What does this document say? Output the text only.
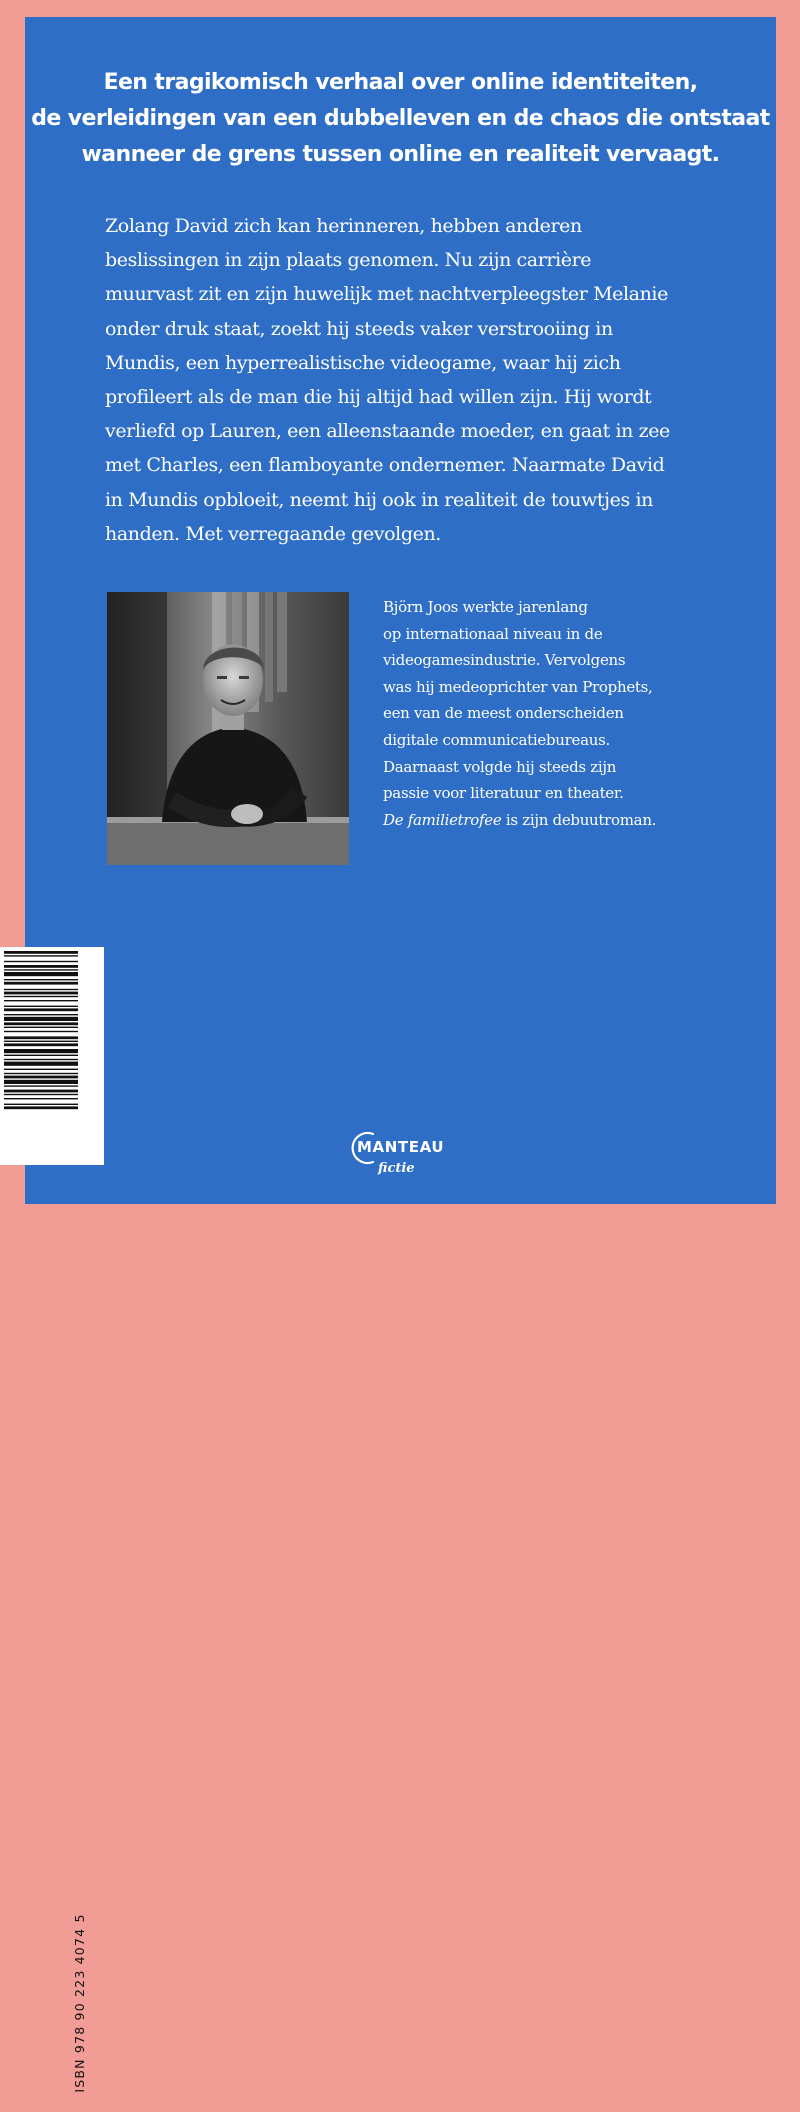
Een tragikomisch verhaal over online identiteiten,
de verleidingen van een dubbelleven en de chaos die ontstaat
wanneer de grens tussen online en realiteit vervaagt.
Zolang David zich kan herinneren, hebben anderen
beslissingen in zijn plaats genomen. Nu zijn carrière
muurvast zit en zijn huwelijk met nachtverpleegster Melanie
onder druk staat, zoekt hij steeds vaker verstrooiing in
Mundis, een hyperrealistische videogame, waar hij zich
profileert als de man die hij altijd had willen zijn. Hij wordt
verliefd op Lauren, een alleenstaande moeder, en gaat in zee
met Charles, een flamboyante ondernemer. Naarmate David
in Mundis opbloeit, neemt hij ook in realiteit de touwtjes in
handen. Met verregaande gevolgen.
Björn Joos werkte jarenlang
op internationaal niveau in de
videogamesindustrie. Vervolgens
was hij medeoprichter van Prophets,
een van de meest onderscheiden
digitale communicatiebureaus.
Daarnaast volgde hij steeds zijn
passie voor literatuur en theater.
De familietrofee is zijn debuutroman.
MANTEAU
fictie
ISBN 978 90 223 4074 5
